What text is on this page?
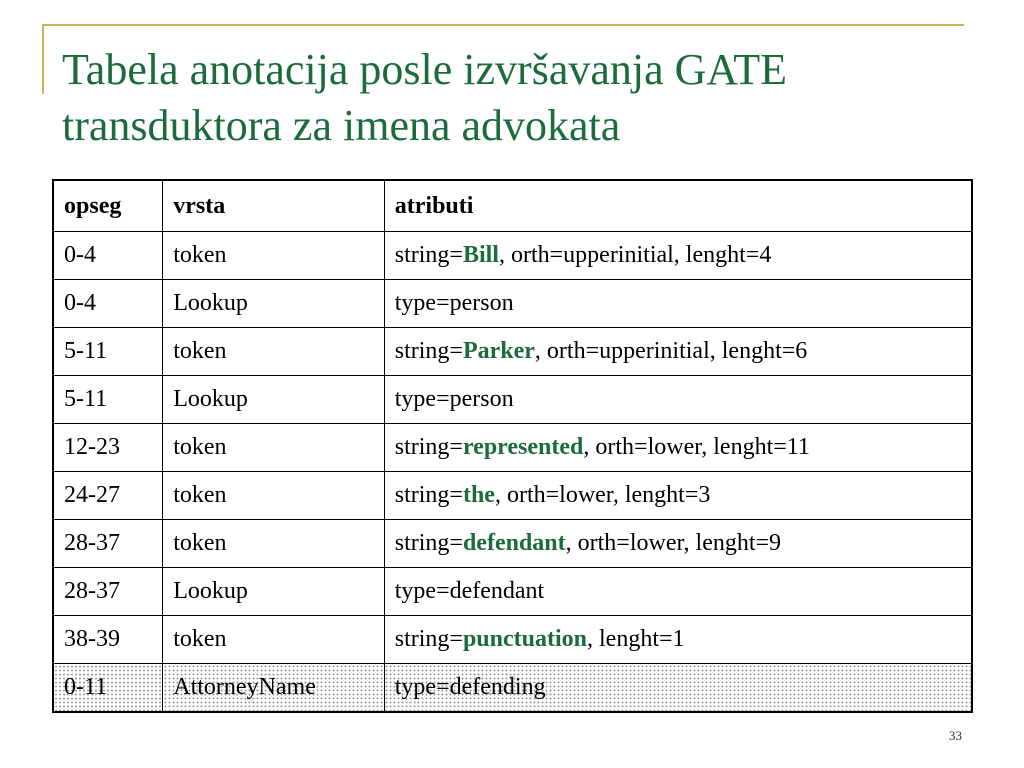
Tabela anotacija posle izvršavanja GATE transduktora za imena advokata
opseg	vrsta	atributi
0-4	token	string=Bill, orth=upperinitial, lenght=4
0-4	Lookup	type=person
5-11	token	string=Parker, orth=upperinitial, lenght=6
5-11	Lookup	type=person
12-23	token	string=represented, orth=lower, lenght=11
24-27	token	string=the, orth=lower, lenght=3
28-37	token	string=defendant, orth=lower, lenght=9
28-37	Lookup	type=defendant
38-39	token	string=punctuation, lenght=1
0-11	AttorneyName	type=defending
33
